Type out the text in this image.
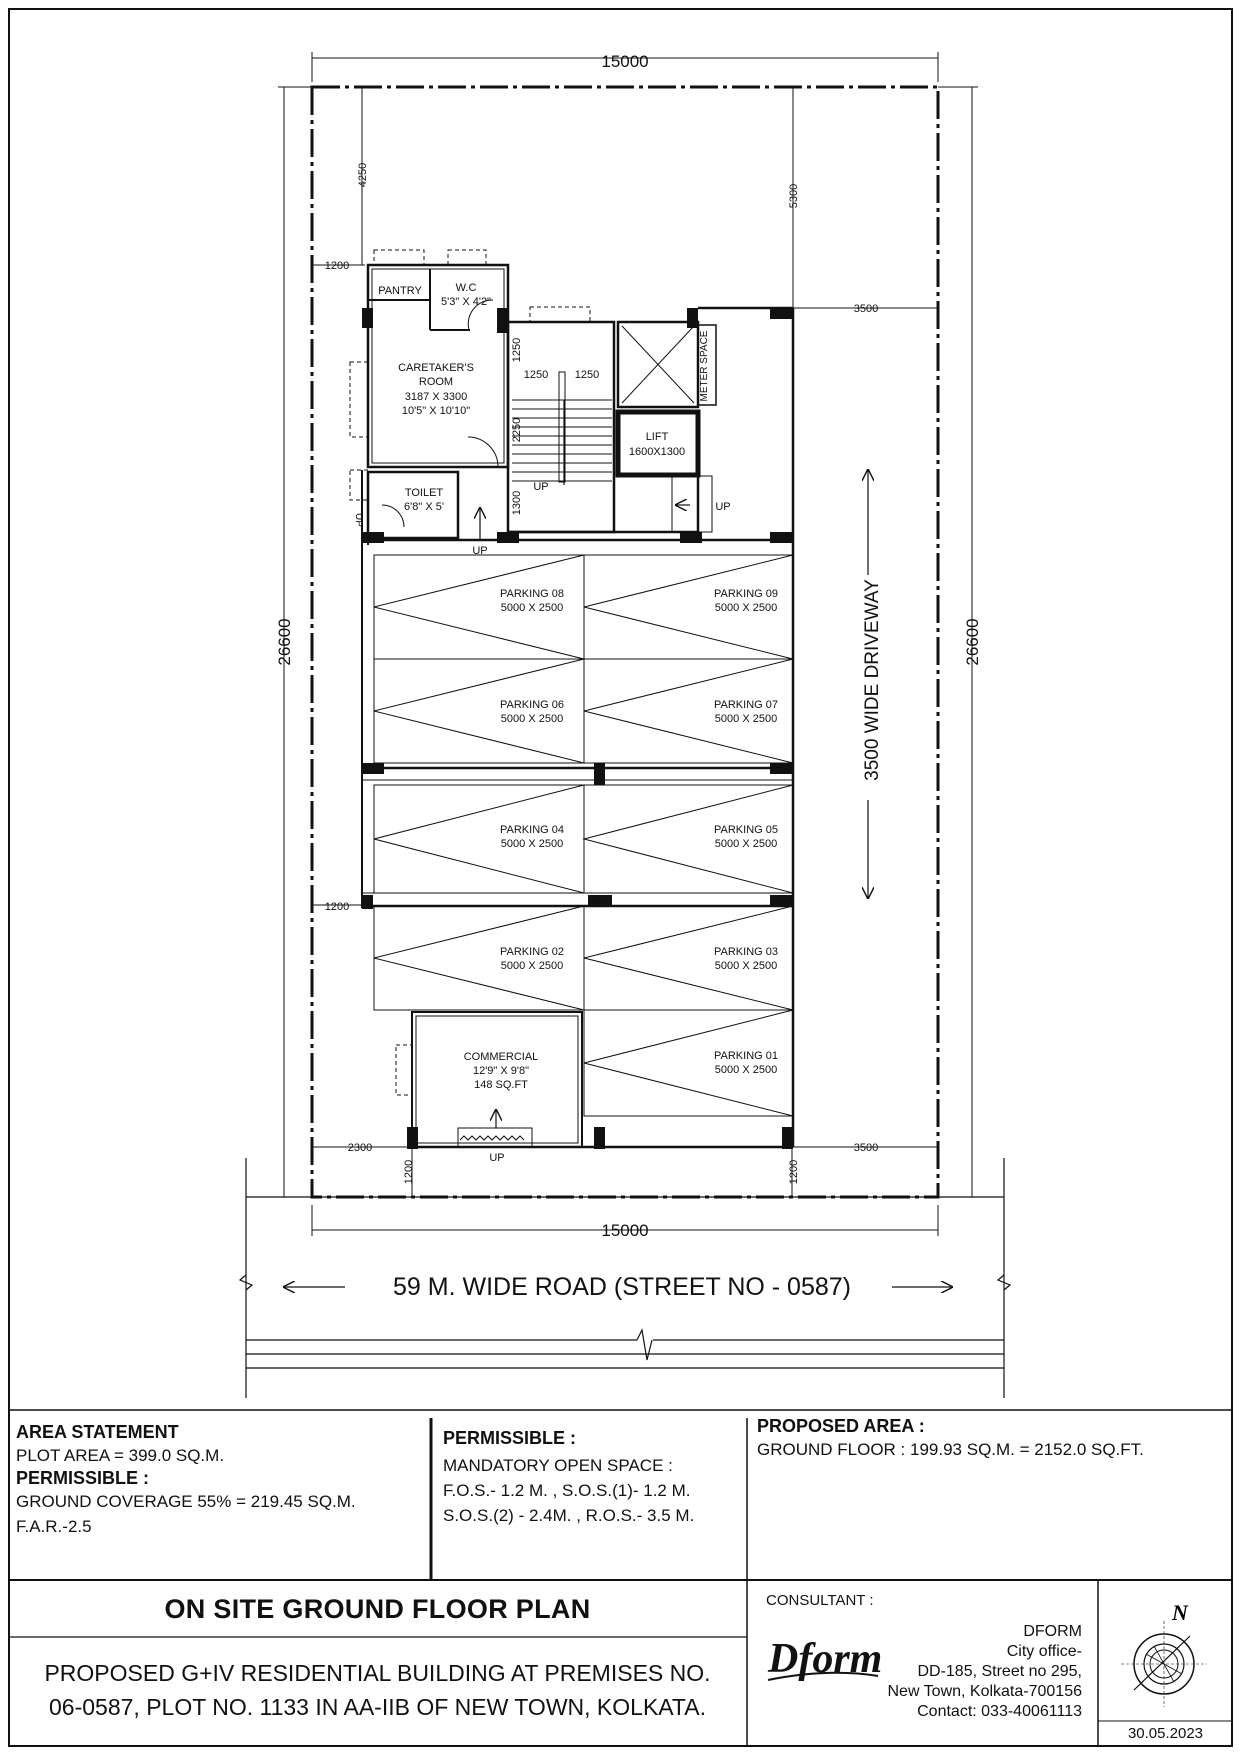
15000
15000
26600	26600
4250
5300
1200
1200
3500
3500
2300
1200	1200
1250
1250 1250
2250
1300
PANTRY	W.C
5'3" X 4'2"
CARETAKER'S
ROOM
3187 X 3300
10'5" X 10'10"
TOILET
6'8" X 5'
METER SPACE
LIFT
1600X1300
COMMERCIAL
12'9" X 9'8"
148 SQ.FT
UP
UP
UP
UP
UP
PARKING 08
5000 X 2500
PARKING 09
5000 X 2500
PARKING 06
5000 X 2500
PARKING 07
5000 X 2500
PARKING 04
5000 X 2500
PARKING 05
5000 X 2500
PARKING 02
5000 X 2500
PARKING 03
5000 X 2500
PARKING 01
5000 X 2500
3500 WIDE DRIVEWAY
59 M. WIDE ROAD (STREET NO - 0587)
N
Dform
AREA STATEMENT
PLOT AREA = 399.0 SQ.M.
PERMISSIBLE :
GROUND COVERAGE 55% = 219.45 SQ.M.
F.A.R.-2.5
PERMISSIBLE :
MANDATORY OPEN SPACE :
F.O.S.- 1.2 M. , S.O.S.(1)- 1.2 M.
S.O.S.(2) - 2.4M. , R.O.S.- 3.5 M.
PROPOSED AREA :
GROUND FLOOR : 199.93 SQ.M. = 2152.0 SQ.FT.
ON SITE GROUND FLOOR PLAN
PROPOSED G+IV RESIDENTIAL BUILDING AT PREMISES NO.
06-0587, PLOT NO. 1133 IN AA-IIB OF NEW TOWN, KOLKATA.
CONSULTANT :
DFORM
City office-
DD-185, Street no 295,
New Town, Kolkata-700156
Contact: 033-40061113
30.05.2023
